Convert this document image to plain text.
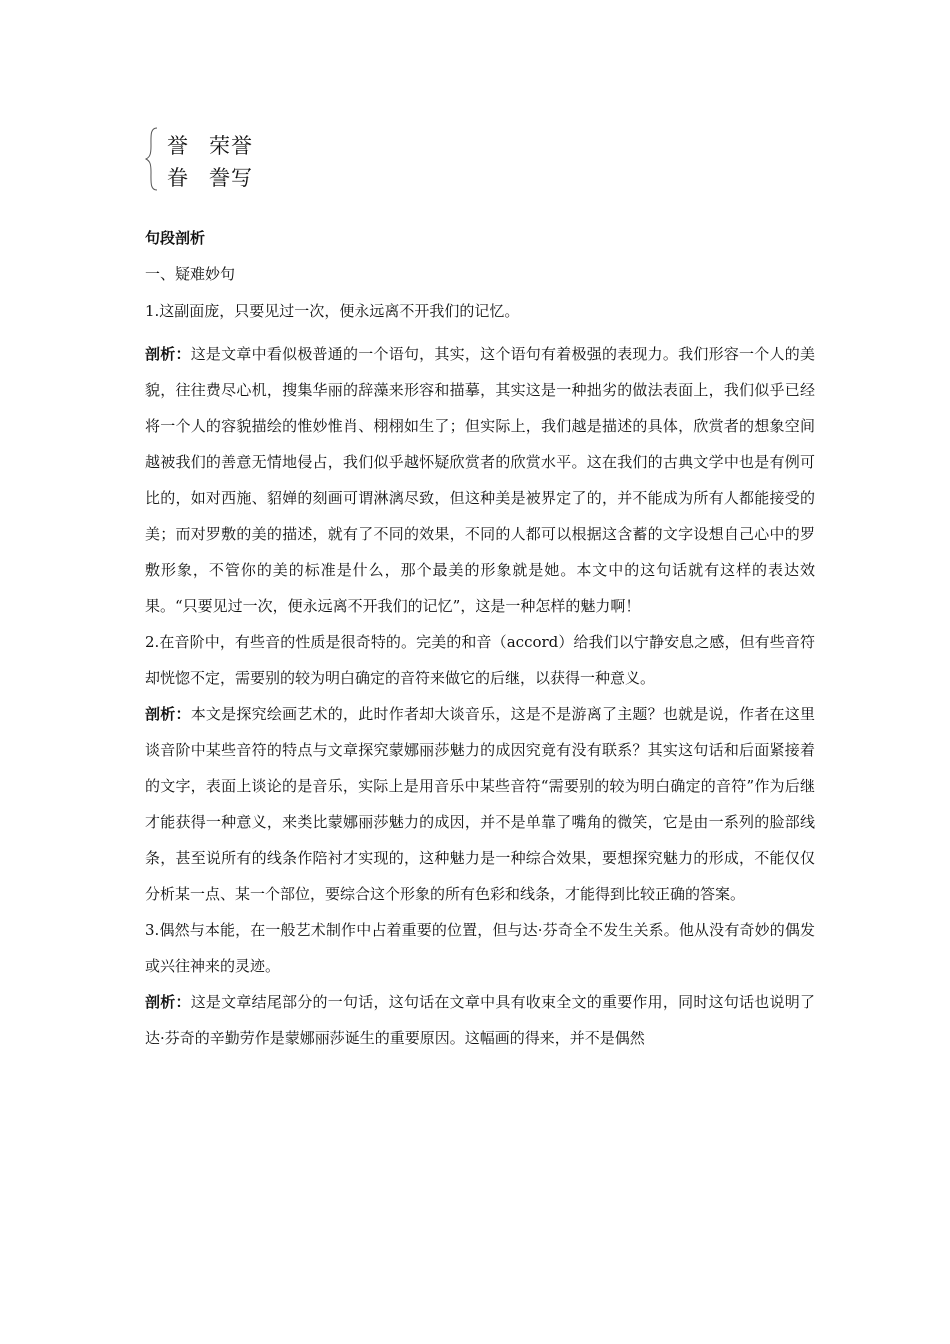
誉 荣誉
眷 誊写
句段剖析
一、疑难妙句

1.这副面庞，只要见过一次，便永远离不开我们的记忆。

剖析：这是文章中看似极普通的一个语句，其实，这个语句有着极强的表现力。我们形容一个人的美貌，往往费尽心机，搜集华丽的辞藻来形容和描摹，其实这是一种拙劣的做法表面上，我们似乎已经将一个人的容貌描绘的惟妙惟肖、栩栩如生了；但实际上，我们越是描述的具体，欣赏者的想象空间越被我们的善意无情地侵占，我们似乎越怀疑欣赏者的欣赏水平。这在我们的古典文学中也是有例可比的，如对西施、貂婵的刻画可谓淋漓尽致，但这种美是被界定了的，并不能成为所有人都能接受的美；而对罗敷的美的描述，就有了不同的效果，不同的人都可以根据这含蓄的文字设想自己心中的罗敷形象，不管你的美的标准是什么，那个最美的形象就是她。本文中的这句话就有这样的表达效果。“只要见过一次，便永远离不开我们的记忆”，这是一种怎样的魅力啊！

2.在音阶中，有些音的性质是很奇特的。完美的和音（accord）给我们以宁静安息之感，但有些音符却恍惚不定，需要别的较为明白确定的音符来做它的后继，以获得一种意义。

剖析：本文是探究绘画艺术的，此时作者却大谈音乐，这是不是游离了主题？也就是说，作者在这里谈音阶中某些音符的特点与文章探究蒙娜丽莎魅力的成因究竟有没有联系？其实这句话和后面紧接着的文字，表面上谈论的是音乐，实际上是用音乐中某些音符“需要别的较为明白确定的音符”作为后继才能获得一种意义，来类比蒙娜丽莎魅力的成因，并不是单靠了嘴角的微笑，它是由一系列的脸部线条，甚至说所有的线条作陪衬才实现的，这种魅力是一种综合效果，要想探究魅力的形成，不能仅仅分析某一点、某一个部位，要综合这个形象的所有色彩和线条，才能得到比较正确的答案。

3.偶然与本能，在一般艺术制作中占着重要的位置，但与达·芬奇全不发生关系。他从没有奇妙的偶发或兴往神来的灵迹。

剖析：这是文章结尾部分的一句话，这句话在文章中具有收束全文的重要作用，同时这句话也说明了达·芬奇的辛勤劳作是蒙娜丽莎诞生的重要原因。这幅画的得来，并不是偶然
